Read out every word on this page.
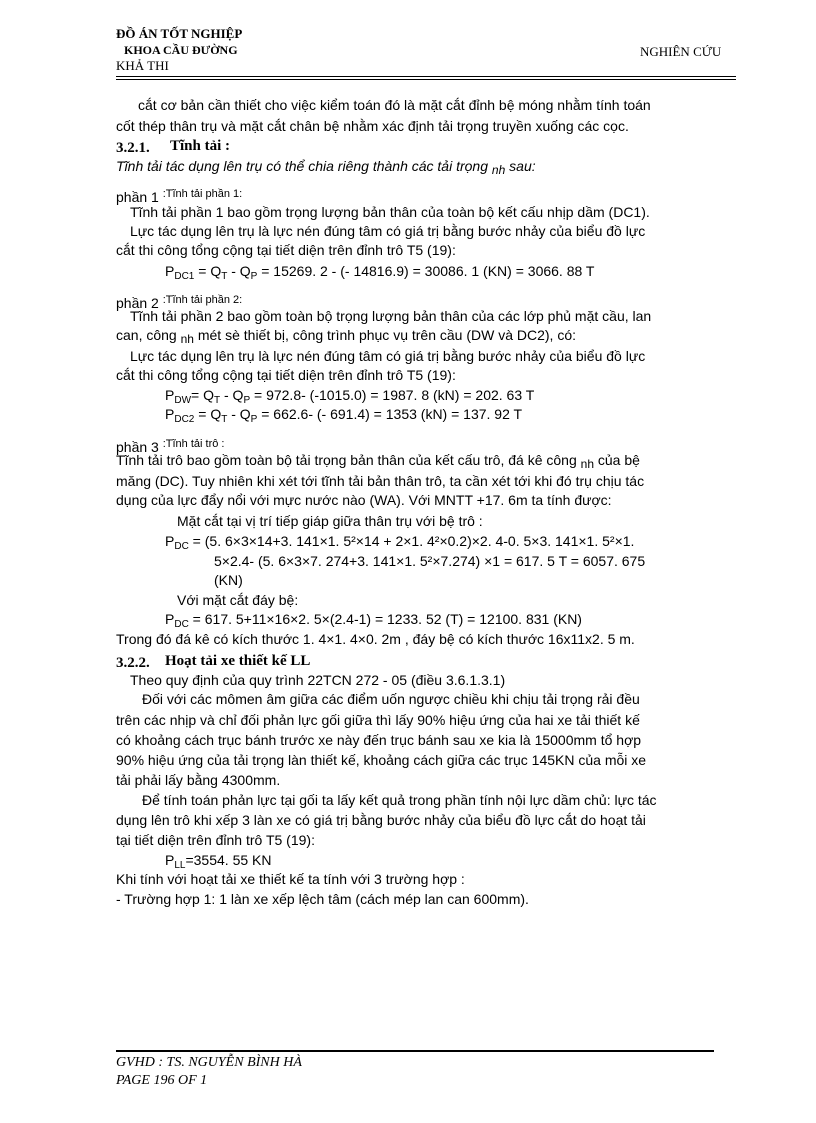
ĐỒ ÁN TỐT NGHIỆP
KHOA CẦU ĐƯỜNG
KHẢ THI
NGHIÊN CỨU
cắt cơ bản cần thiết cho việc kiểm toán đó là mặt cắt đỉnh bệ móng nhằm tính toán
cốt thép thân trụ và mặt cắt chân bệ nhằm xác định tải trọng truyền xuống các cọc.
3.2.1. Tĩnh tải :
Tĩnh tải tác dụng lên trụ có thể chia riêng thành các tải trọng nh sau:
phần 1 $^{:Tĩnh tải phần 1:}$
Tĩnh tải phần 1 bao gồm trọng lượng bản thân của toàn bộ kết cấu nhịp dầm (DC1).
Lực tác dụng lên trụ là lực nén đúng tâm có giá trị bằng bước nhảy của biểu đồ lực
cắt thi công tổng cộng tại tiết diện trên đỉnh trô T5 (19):
$P_{DC1} = Q_T - Q_P = 15269$. 2 - (- 14816.9) = 30086. 1 (KN) = 3066. 88 T
phần 2 $^{:Tĩnh tải phần 2:}$
Tĩnh tải phần 2 bao gồm toàn bộ trọng lượng bản thân của các lớp phủ mặt cầu, lan
can, công nh mét sè thiết bị, công trình phục vụ trên cầu (DW và DC2), có:
Lực tác dụng lên trụ là lực nén đúng tâm có giá trị bằng bước nhảy của biểu đồ lực
cắt thi công tổng cộng tại tiết diện trên đỉnh trô T5 (19):
$P_{DW}= Q_T - Q_P = 972.8-$ (-1015.0) = 1987. 8 (kN) = 202. 63 T
$P_{DC2} = Q_T - Q_P = 662.6-$ (- 691.4) = 1353 (kN) = 137. 92 T
phần 3 $^{:Tĩnh tải trô :}$
Tĩnh tải trô bao gồm toàn bộ tải trọng bản thân của kết cấu trô, đá kê công nh của bệ
măng (DC). Tuy nhiên khi xét tới tĩnh tải bản thân trô, ta cần xét tới khi đó trụ chịu tác
dụng của lực đẩy nổi với mực nước nào (WA). Với MNTT +17. 6m ta tính được:
Mặt cắt tại vị trí tiếp giáp giữa thân trụ với bệ trô :
$P_{DC} = (5$. 6×3×14+3. 141×1. 5²×14 + 2×1. 4²×0.2)×2. 4-0. 5×3. 141×1. 5²×1.
5×2.4- (5. 6×3×7. 274+3. 141×1. 5²×7.274) ×1 = 617. 5 T = 6057. 675
(KN)
Với mặt cắt đáy bệ:
$P_{DC} = 617$. 5+11×16×2. 5×(2.4-1) = 1233. 52 (T) = 12100. 831 (KN)
Trong đó đá kê có kích thước 1. 4×1. 4×0. 2m , đáy bệ có kích thước 16x11x2. 5 m.
3.2.2. Hoạt tải xe thiết kế LL
Theo quy định của quy trình 22TCN 272 - 05 (điều 3.6.1.3.1)
Đối với các mômen âm giữa các điểm uốn ngược chiều khi chịu tải trọng rải đều
trên các nhịp và chỉ đối phản lực gối giữa thì lấy 90% hiệu ứng của hai xe tải thiết kế
có khoảng cách trục bánh trước xe này đến trục bánh sau xe kia là 15000mm tổ hợp
90% hiệu ứng của tải trọng làn thiết kế, khoảng cách giữa các trục 145KN của mỗi xe
tải phải lấy bằng 4300mm.
Để tính toán phản lực tại gối ta lấy kết quả trong phần tính nội lực dầm chủ: lực tác
dụng lên trô khi xếp 3 làn xe có giá trị bằng bước nhảy của biểu đồ lực cắt do hoạt tải
tại tiết diện trên đỉnh trô T5 (19):
$P_{LL}=3554$. 55 KN
Khi tính với hoạt tải xe thiết kế ta tính với 3 trường hợp :
- Trường hợp 1: 1 làn xe xếp lệch tâm (cách mép lan can 600mm).
GVHD : TS. NGUYỄN BÌNH HÀ
PAGE 196 OF 1
